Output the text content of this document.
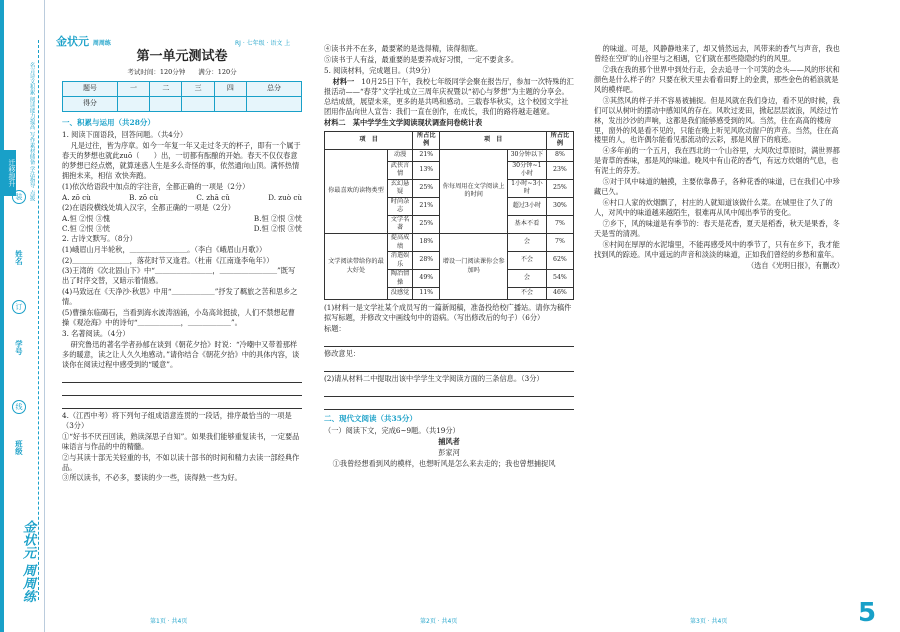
名言诗文积累 阅读能力提高 写作素材储备 学法指导 点拨
迁移提升
姓名
学号
班级
装
订
线
金状元 周周练
金状元 周周练	RJ · 七年级 · 语文 上
第一单元测试卷
考试时间：120分钟　　满分：120分
题号	一	二	三	四	总分
得分					
一、积累与运用（共28分）

1. 阅读下面语段，回答问题。（共4分）

凡是过往，皆为序章。如今一年复一年又走过冬天的杯子，即有一个属于春天的梦想也就此zuō（　　）出，一切都有酝酿的开始。春天不仅仅春意的梦想已经点燃，就算迷惑人生是多么奇怪的事，依然通向山顶。满怀热情 拥抱未来，相信 欢快奔跑。

(1)依次给语段中加点的字注音，全都正确的一项是（2分）

A. zō cù	B. zō cù	C. zhā cǔ	D. zuò cù

(2)在语段横线处填入汉字，全都正确的一项是（2分）

A.恒 ②恨 ③愧	B.恒 ②恨 ③恍
C.恒 ②恨 ③恍	D.恒 ②恨 ③恍

2. 古诗文默写。（8分）

(1)峨眉山月半轮秋，＿＿＿＿＿＿＿＿。（李白《峨眉山月歌》）

(2)＿＿＿＿＿＿＿＿，落花时节又逢君。（杜甫《江南逢李龟年》）

(3)王湾的《次北固山下》中“＿＿＿＿＿＿＿＿，＿＿＿＿＿＿＿＿”既写出了时序交替，又暗示着情感。

(4)马致远在《天净沙·秋思》中用“＿＿＿＿＿＿”抒发了羁旅之苦和思乡之情。

(5)曹操东临碣石，当看到海水波涛汹涌，小岛高耸挺拔，人们不禁想起曹操《观沧海》中的诗句“＿＿＿＿＿＿，＿＿＿＿＿＿”。

3. 名著阅读。（4分）

研究鲁迅的著名学者孙郁在谈到《朝花夕拾》时说：“冷嘲中又带着那样多的暖意，读之让人久久地感动。”请你结合《朝花夕拾》中的具体内容，谈谈你在阅读过程中感受到的“暖意”。

4.（江西中考）将下列句子组成语意连贯的一段话，排序最恰当的一项是（3分）

①“好书不厌百回读，熟读深思子自知”。如果我们能够重复读书，一定要品味语言与作品的中的精髓。

②与其读十部无关轻重的书，不如以读十部书的时间和精力去读一部经典作品。

③所以读书，不必多，要读的少一些，读得熟一些为好。

④读书并不在多，最要紧的是选得精，读得彻底。

⑤读书于人有益，最重要的是要养成好习惯，一定不要贪多。

5. 阅读材料，完成题目。（共9分）

材料一　 10月25日下午，我校七年级同学会聚在报告厅，参加一次特殊的汇报活动——“春芽”文学社成立三周年庆祝暨以“初心与梦想”为主题的分享会。总结成绩，展望未来，更多的是共鸣和感动。三载春华秋实，这个校园文学社团用作品向世人宣告：我们一直在创作，在成长，我们的路将越走越宽。

材料二　 某中学学生文学阅读现状调查问卷统计表

项　目		所占比例	项　目		所占比例
你最喜欢的读物类型	动漫	21%	你每周用在文学阅读上的时间	30分钟以下	8%
	武侠言情	13%		30分钟~1小时	23%
	玄幻悬疑	25%		1小时~3小时	25%
	时尚杂志	21%		超过3小时	30%
	文学名著	25%		基本不看	7%
文学阅读带给你的最大好处	提高成绩	18%	增设一门阅读课你会参加吗	会	7%
	消遣娱乐	28%		不会	62%
	陶冶情操	49%		会	54%
	没感觉	11%		不会	46%

(1)材料一是文学社某个成员写的一篇新闻稿，准备投给校广播站。请你为稿件拟写标题，并修改文中画线句中的语病。（写出修改后的句子）（6分）

标题：

修改意见：

(2)请从材料二中提取出该中学学生文学阅读方面的三条信息。（3分）

二、现代文阅读（共35分）

（一）阅读下文，完成6~9题。（共19分）

捕风者

彭家河

①我曾经想看到风的模样，也想听风是怎么来去走的；我也曾想捕捉风

的味道。可是，风静静地来了，却又悄然远去，风带来的香气与声音，我也曾经在空旷的山谷里与之相遇，它们就在那些隐隐约约的风里。

②我在我的那个世界中到处行走，会去追寻一个可笑的念头——风的形状和颜色是什么样子的？只要在秋天里去看看田野上的金黄，那些金色的稻浪就是风的模样吧。

③其然风的样子并不容易被捕捉。但是风就在我们身边，看不见的时候，我们可以从树叶的摆动中感知风的存在。风吹过麦田，掀起层层波浪，风经过竹林，发出沙沙的声响，这都是我们能够感受到的风。当然，住在高高的楼房里，窗外的风是看不见的，只能在晚上听见风吹动窗户的声音。当然，住在高楼里的人，也许偶尔能看见那流动的云彩，那是风留下的痕迹。

④多年前的一个五月，我在西北的一个山谷里，大风吹过草原时，满世界都是青草的香味，那是风的味道。晚风中有山花的香气，有远方炊烟的气息，也有泥土的芬芳。

⑤对于风中味道的触摸，主要依靠鼻子，各种花香的味道，已在我们心中珍藏已久。

⑥村口人家的炊烟飘了，村庄的人就知道该做什么菜。在城里住了久了的人，对风中的味道越来越陌生，很难再从风中闻出季节的变化。

⑦乡下，风的味道是有季节的：春天是花香，夏天是稻香，秋天是果香，冬天是雪的清冽。

⑧村间在厚厚的水泥墙里，不能再感受风中的季节了，只有在乡下，我才能找到风的踪迹。风中遥远的声音和淡淡的味道，正如我们曾经的乡愁和童年。

（选自《光明日报》，有删改）

第1页 · 共4页	第2页 · 共4页	第3页 · 共4页	5
